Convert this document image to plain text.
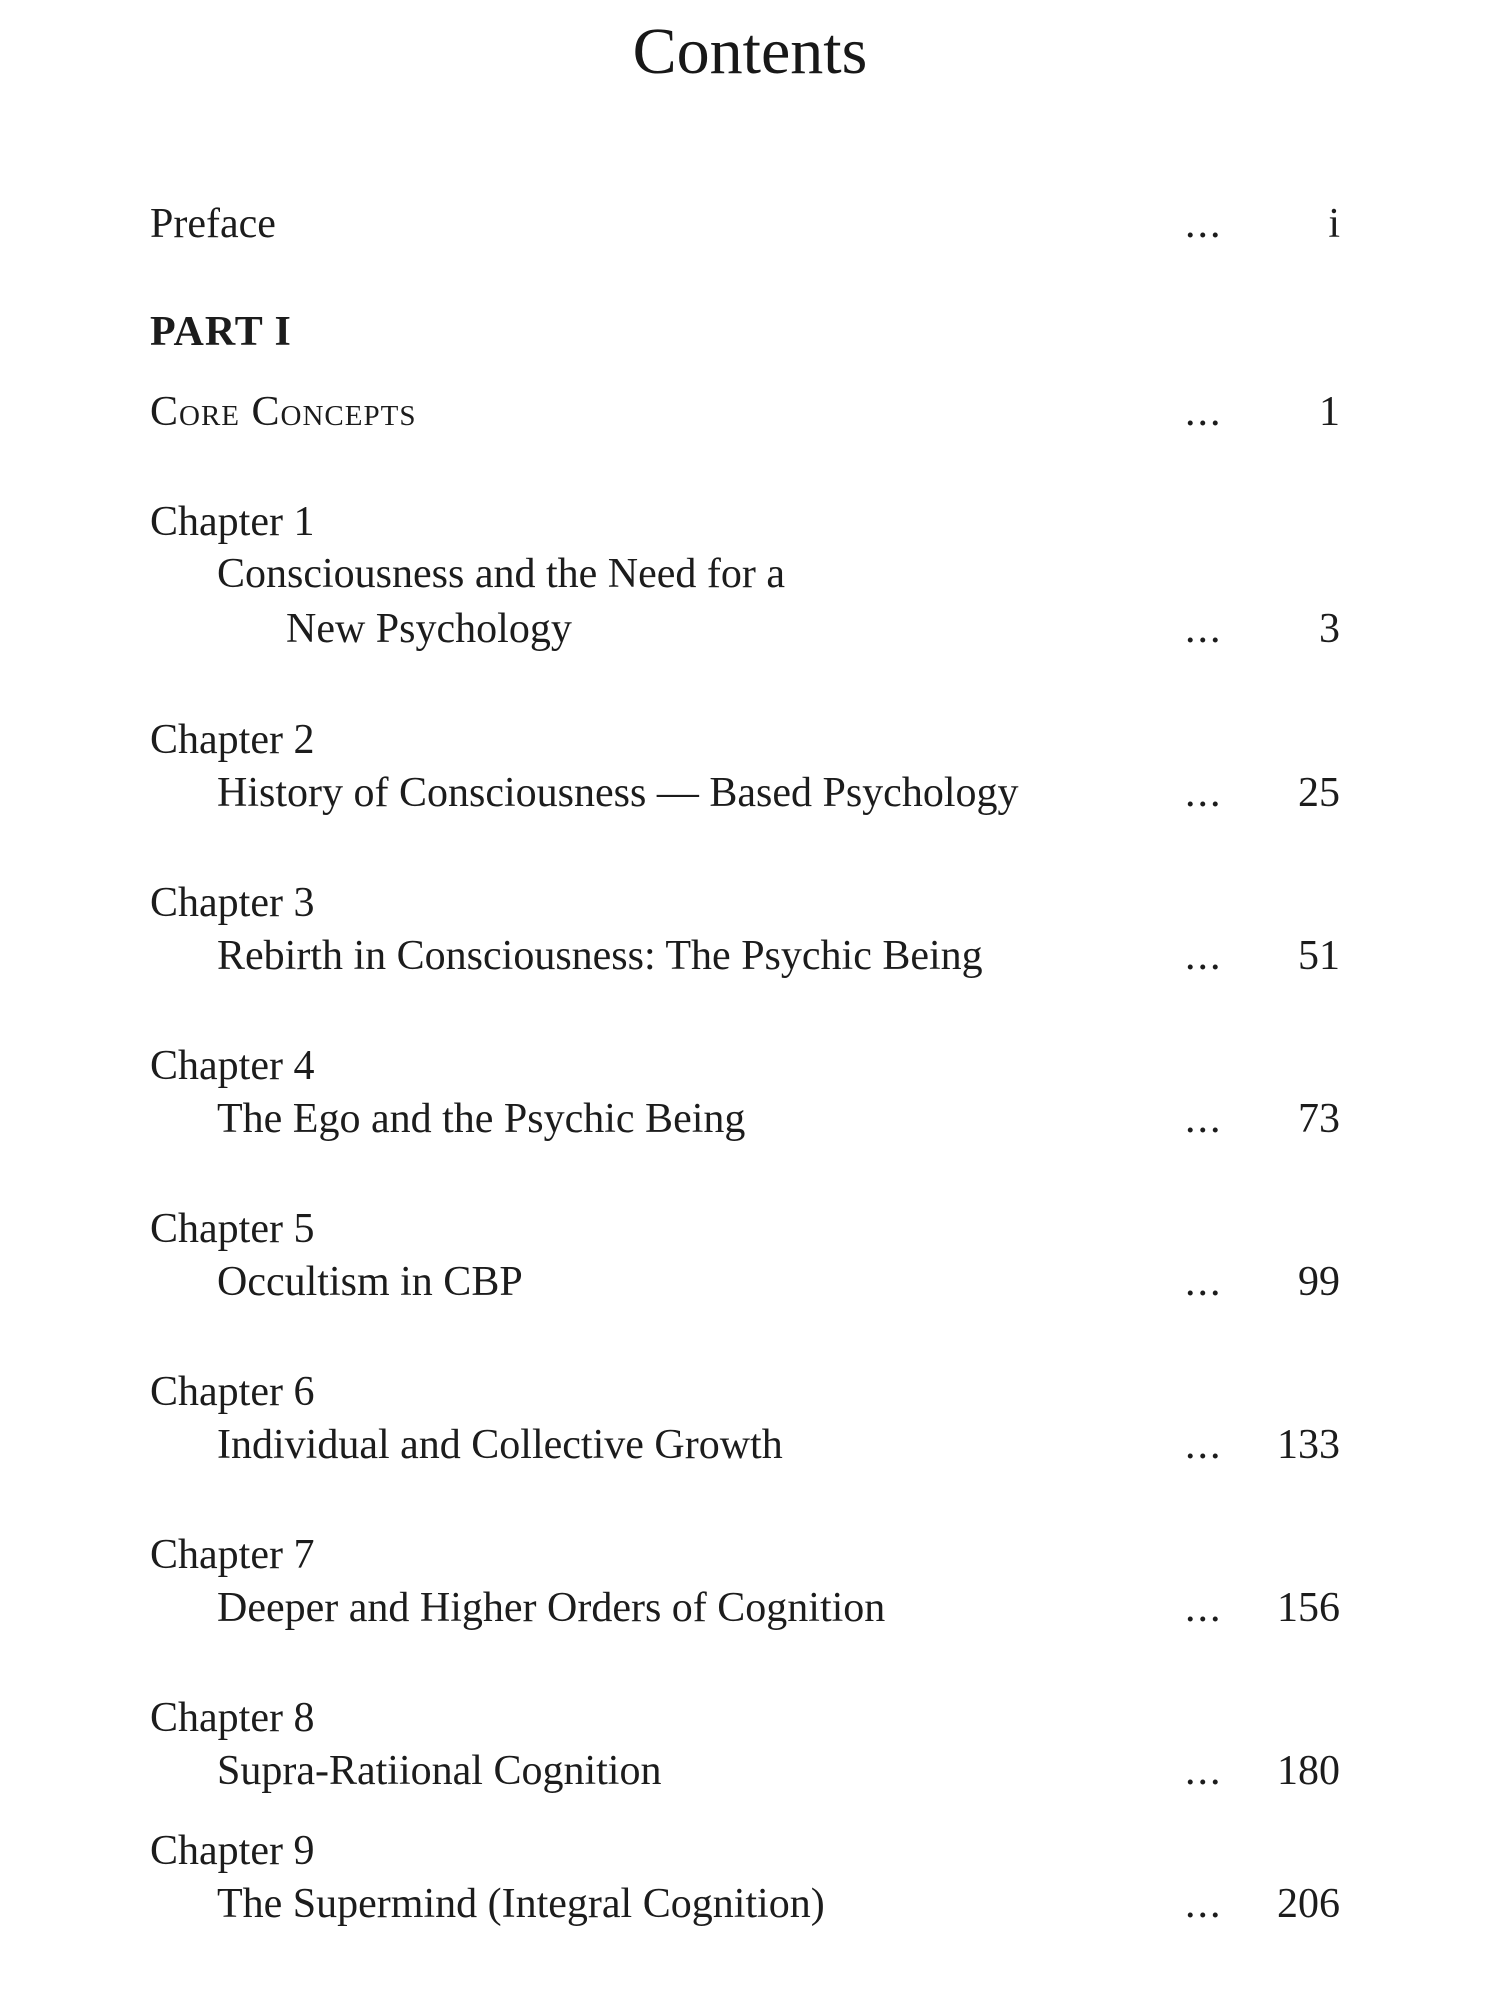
Contents
Preface	...	i
PART I
Core Concepts	...	1
Chapter 1
Consciousness and the Need for a
New Psychology	...	3
Chapter 2
History of Consciousness — Based Psychology	...	25
Chapter 3
Rebirth in Consciousness: The Psychic Being	...	51
Chapter 4
The Ego and the Psychic Being	...	73
Chapter 5
Occultism in CBP	...	99
Chapter 6
Individual and Collective Growth	...	133
Chapter 7
Deeper and Higher Orders of Cognition	...	156
Chapter 8
Supra-Ratiional Cognition	...	180
Chapter 9
The Supermind (Integral Cognition)	...	206
